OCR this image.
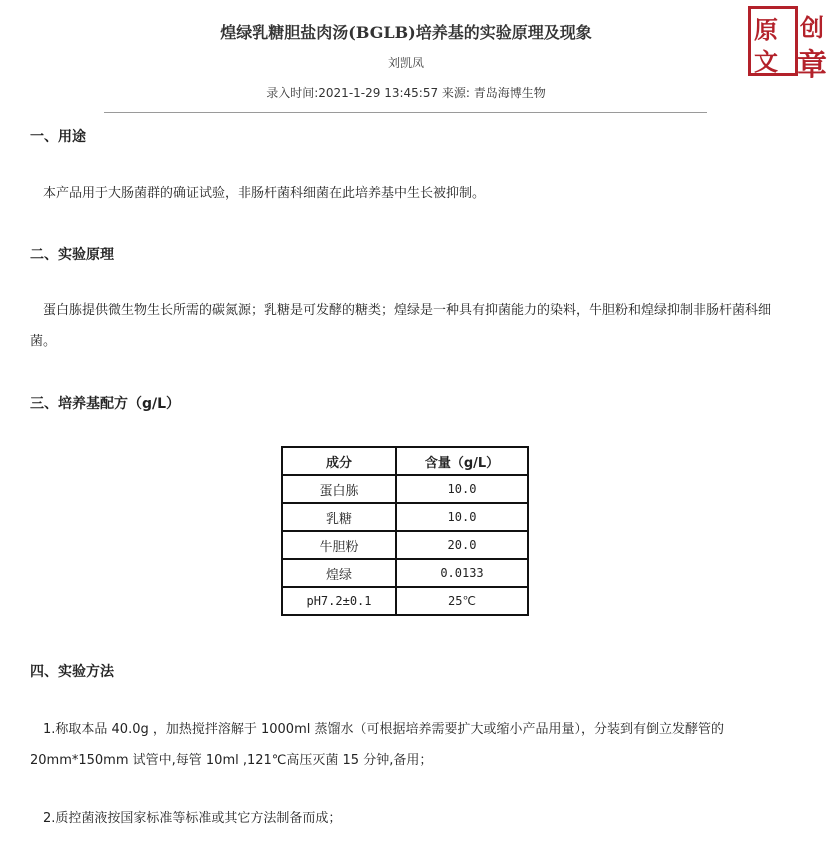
煌绿乳糖胆盐肉汤(BGLB)培养基的实验原理及现象
刘凯凤
录入时间:2021-1-29 13:45:57 来源: 青岛海博生物
原 创
文 章
一、用途
本产品用于大肠菌群的确证试验，非肠杆菌科细菌在此培养基中生长被抑制。
二、实验原理
蛋白胨提供微生物生长所需的碳氮源；乳糖是可发酵的糖类；煌绿是一种具有抑菌能力的染料，牛胆粉和煌绿抑制非肠杆菌科细菌。
三、培养基配方（g/L）
成分	含量（g/L）
蛋白胨	10.0
乳糖	10.0
牛胆粉	20.0
煌绿	0.0133
pH7.2±0.1	25℃
四、实验方法
1.称取本品 40.0g ，加热搅拌溶解于 1000ml 蒸馏水（可根据培养需要扩大或缩小产品用量），分装到有倒立发酵管的20mm*150mm 试管中,每管 10ml ,121℃高压灭菌 15 分钟,备用；
2.质控菌液按国家标准等标准或其它方法制备而成；
